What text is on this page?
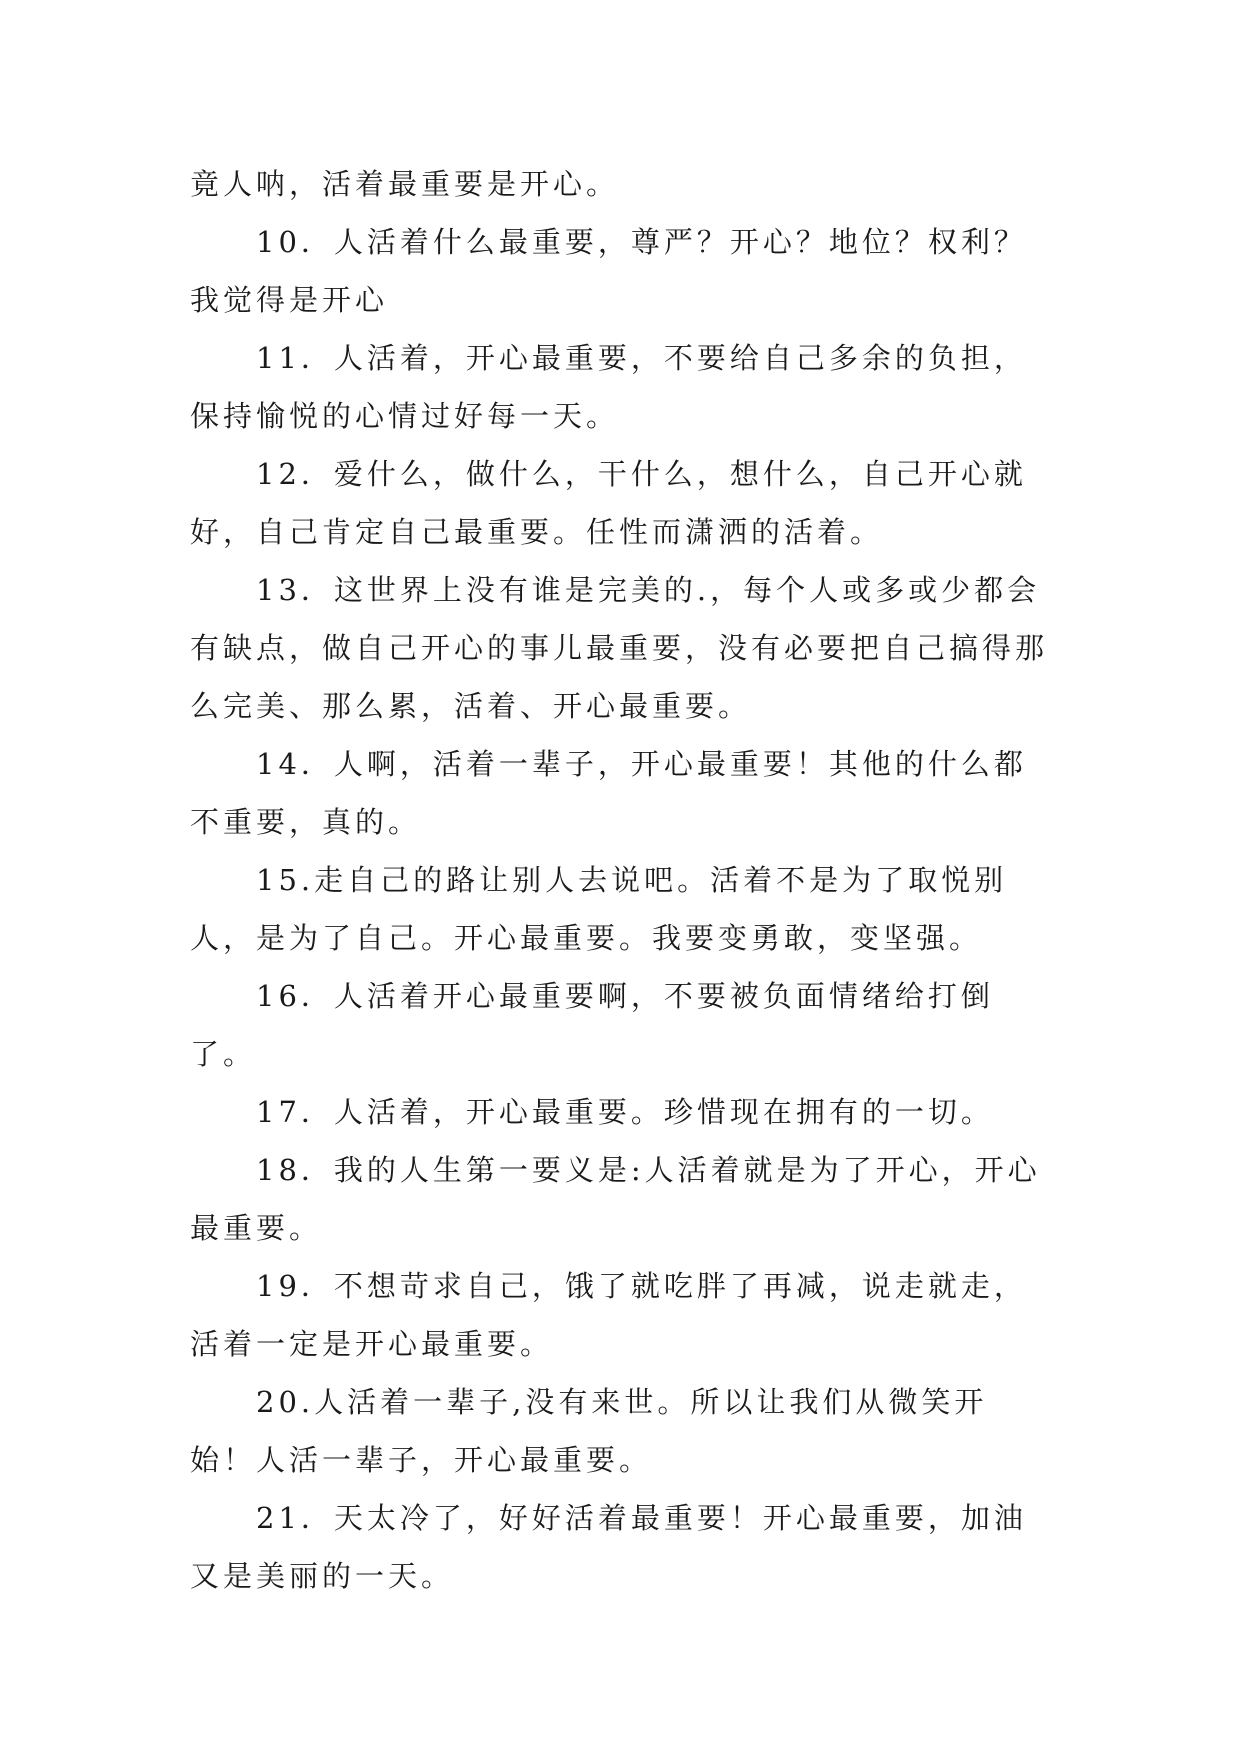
竟人呐，活着最重要是开心。

10．人活着什么最重要，尊严？开心？地位？权利？我觉得是开心

11．人活着，开心最重要，不要给自己多余的负担，保持愉悦的心情过好每一天。

12．爱什么，做什么，干什么，想什么，自己开心就好，自己肯定自己最重要。任性而潇洒的活着。

13．这世界上没有谁是完美的.，每个人或多或少都会有缺点，做自己开心的事儿最重要，没有必要把自己搞得那么完美、那么累，活着、开心最重要。

14．人啊，活着一辈子，开心最重要！其他的什么都不重要，真的。

15.走自己的路让别人去说吧。活着不是为了取悦别人，是为了自己。开心最重要。我要变勇敢，变坚强。

16．人活着开心最重要啊，不要被负面情绪给打倒了。

17．人活着，开心最重要。珍惜现在拥有的一切。

18．我的人生第一要义是:人活着就是为了开心，开心最重要。

19．不想苛求自己，饿了就吃胖了再减，说走就走，活着一定是开心最重要。

20.人活着一辈子,没有来世。所以让我们从微笑开始！人活一辈子，开心最重要。

21．天太冷了，好好活着最重要！开心最重要，加油又是美丽的一天。
